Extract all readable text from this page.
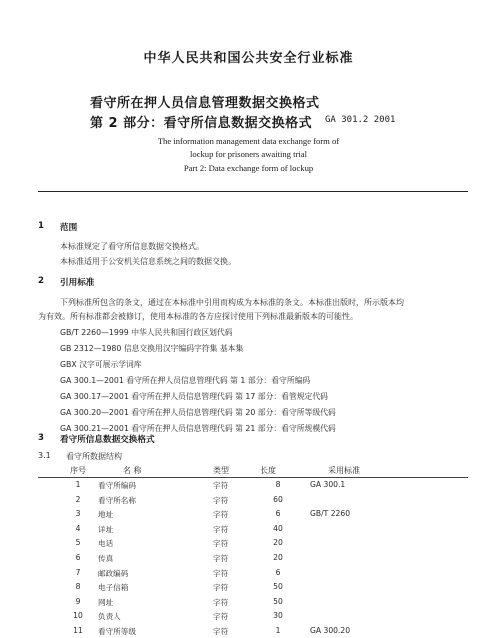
中华人民共和国公共安全行业标准
看守所在押人员信息管理数据交换格式
第 2 部分：看守所信息数据交换格式 GA 301.2 2001
The information management data exchange form of
lockup for prisoners awaiting trial
Part 2: Data exchange form of lockup
1 范围
本标准规定了看守所信息数据交换格式。
本标准适用于公安机关信息系统之间的数据交换。
2 引用标准
下列标准所包含的条文，通过在本标准中引用而构成为本标准的条文。本标准出版时，所示版本均
为有效。所有标准都会被修订，使用本标准的各方应探讨使用下列标准最新版本的可能性。
GB/T 2260—1999 中华人民共和国行政区划代码
GB 2312—1980 信息交换用汉字编码字符集 基本集
GBX 汉字可展示学词库
GA 300.1—2001 看守所在押人员信息管理代码 第 1 部分：看守所编码
GA 300.17—2001 看守所在押人员信息管理代码 第 17 部分：看管规定代码
GA 300.20—2001 看守所在押人员信息管理代码 第 20 部分：看守所等级代码
GA 300.21—2001 看守所在押人员信息管理代码 第 21 部分：看守所规模代码
3 看守所信息数据交换格式
3.1 看守所数据结构
序号	名 称	类型	长度	采用标准
1	看守所编码	字符	8	GA 300.1
2	看守所名称	字符	60
3	地址	字符	6	GB/T 2260
4	详址	字符	40
5	电话	字符	20
6	传真	字符	20
7	邮政编码	字符	6
8	电子信箱	字符	50
9	网址	字符	50
10	负责人	字符	30
11	看守所等级	字符	1	GA 300.20
